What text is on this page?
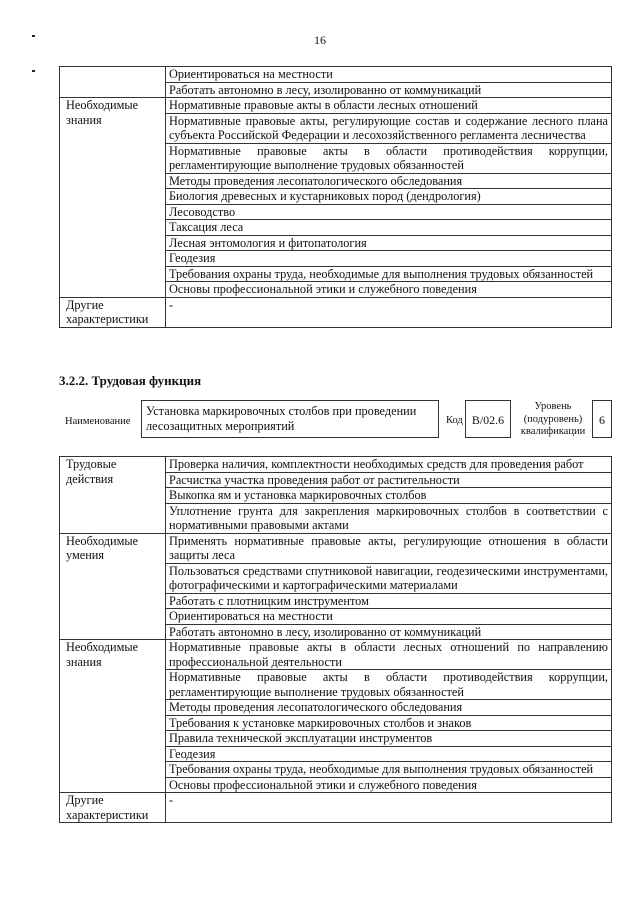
16
	Ориентироваться на местности
	Работать автономно в лесу, изолированно от коммуникаций
Необходимые знания	Нормативные правовые акты в области лесных отношений
	Нормативные правовые акты, регулирующие состав и содержание лесного плана субъекта Российской Федерации и лесохозяйственного регламента лесничества
	Нормативные правовые акты в области противодействия коррупции, регламентирующие выполнение трудовых обязанностей
	Методы проведения лесопатологического обследования
	Биология древесных и кустарниковых пород (дендрология)
	Лесоводство
	Таксация леса
	Лесная энтомология и фитопатология
	Геодезия
	Требования охраны труда, необходимые для выполнения трудовых обязанностей
	Основы профессиональной этики и служебного поведения
Другие характеристики	-
3.2.2. Трудовая функция
Наименование
Установка маркировочных столбов при проведении лесозащитных мероприятий	Код B/02.6
Уровень (подуровень) квалификации
6
Трудовые действия	Проверка наличия, комплектности необходимых средств для проведения работ
	Расчистка участка проведения работ от растительности
	Выкопка ям и установка маркировочных столбов
	Уплотнение грунта для закрепления маркировочных столбов в соответствии с нормативными правовыми актами
Необходимые умения	Применять нормативные правовые акты, регулирующие отношения в области защиты леса
	Пользоваться средствами спутниковой навигации, геодезическими инструментами, фотографическими и картографическими материалами
	Работать с плотницким инструментом
	Ориентироваться на местности
	Работать автономно в лесу, изолированно от коммуникаций
Необходимые знания	Нормативные правовые акты в области лесных отношений по направлению профессиональной деятельности
	Нормативные правовые акты в области противодействия коррупции, регламентирующие выполнение трудовых обязанностей
	Методы проведения лесопатологического обследования
	Требования к установке маркировочных столбов и знаков
	Правила технической эксплуатации инструментов
	Геодезия
	Требования охраны труда, необходимые для выполнения трудовых обязанностей
	Основы профессиональной этики и служебного поведения
Другие характеристики	-
